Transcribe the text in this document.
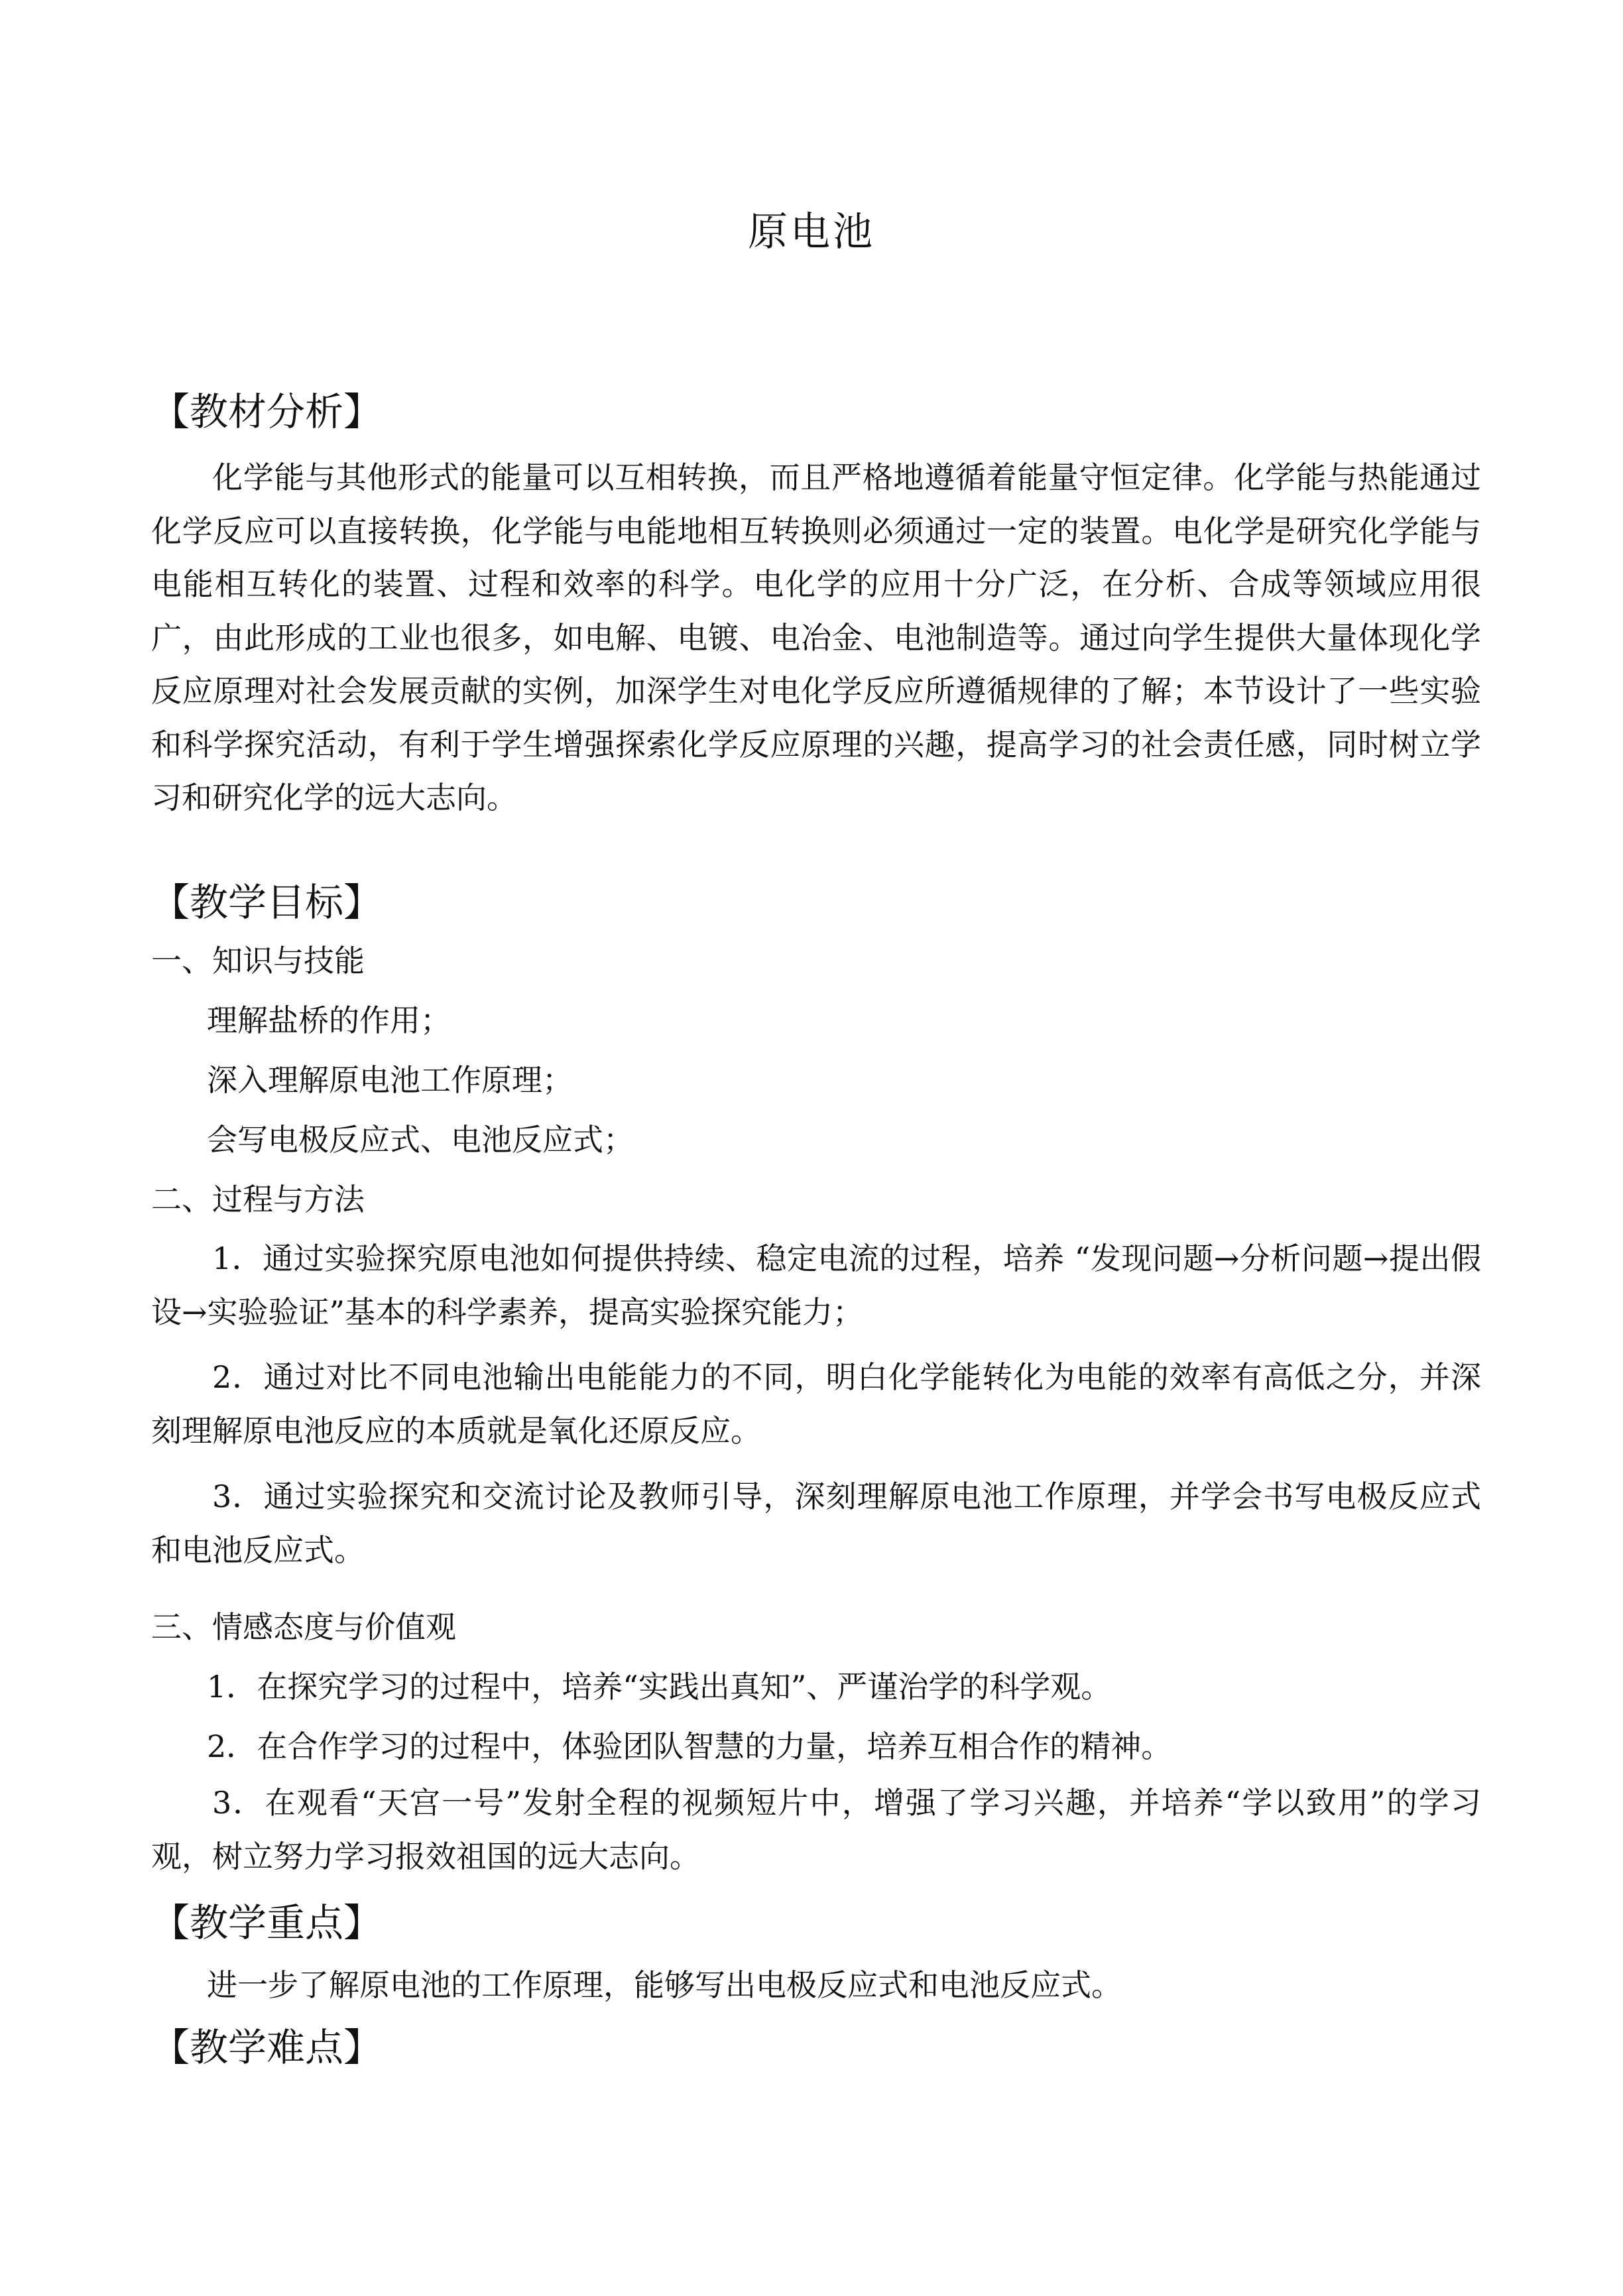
原电池
【教材分析】
化学能与其他形式的能量可以互相转换，而且严格地遵循着能量守恒定律。化学能与热能通过化学反应可以直接转换，化学能与电能地相互转换则必须通过一定的装置。电化学是研究化学能与电能相互转化的装置、过程和效率的科学。电化学的应用十分广泛，在分析、合成等领域应用很广，由此形成的工业也很多，如电解、电镀、电冶金、电池制造等。通过向学生提供大量体现化学反应原理对社会发展贡献的实例，加深学生对电化学反应所遵循规律的了解；本节设计了一些实验和科学探究活动，有利于学生增强探索化学反应原理的兴趣，提高学习的社会责任感，同时树立学习和研究化学的远大志向。
【教学目标】
一、知识与技能
理解盐桥的作用；
深入理解原电池工作原理；
会写电极反应式、电池反应式；
二、过程与方法
1．通过实验探究原电池如何提供持续、稳定电流的过程，培养 “发现问题→分析问题→提出假设→实验验证”基本的科学素养，提高实验探究能力；
2．通过对比不同电池输出电能能力的不同，明白化学能转化为电能的效率有高低之分，并深刻理解原电池反应的本质就是氧化还原反应。
3．通过实验探究和交流讨论及教师引导，深刻理解原电池工作原理，并学会书写电极反应式和电池反应式。
三、情感态度与价值观
1．在探究学习的过程中，培养“实践出真知”、严谨治学的科学观。
2．在合作学习的过程中，体验团队智慧的力量，培养互相合作的精神。
3．在观看“天宫一号”发射全程的视频短片中，增强了学习兴趣，并培养“学以致用”的学习观，树立努力学习报效祖国的远大志向。
【教学重点】
进一步了解原电池的工作原理，能够写出电极反应式和电池反应式。
【教学难点】
